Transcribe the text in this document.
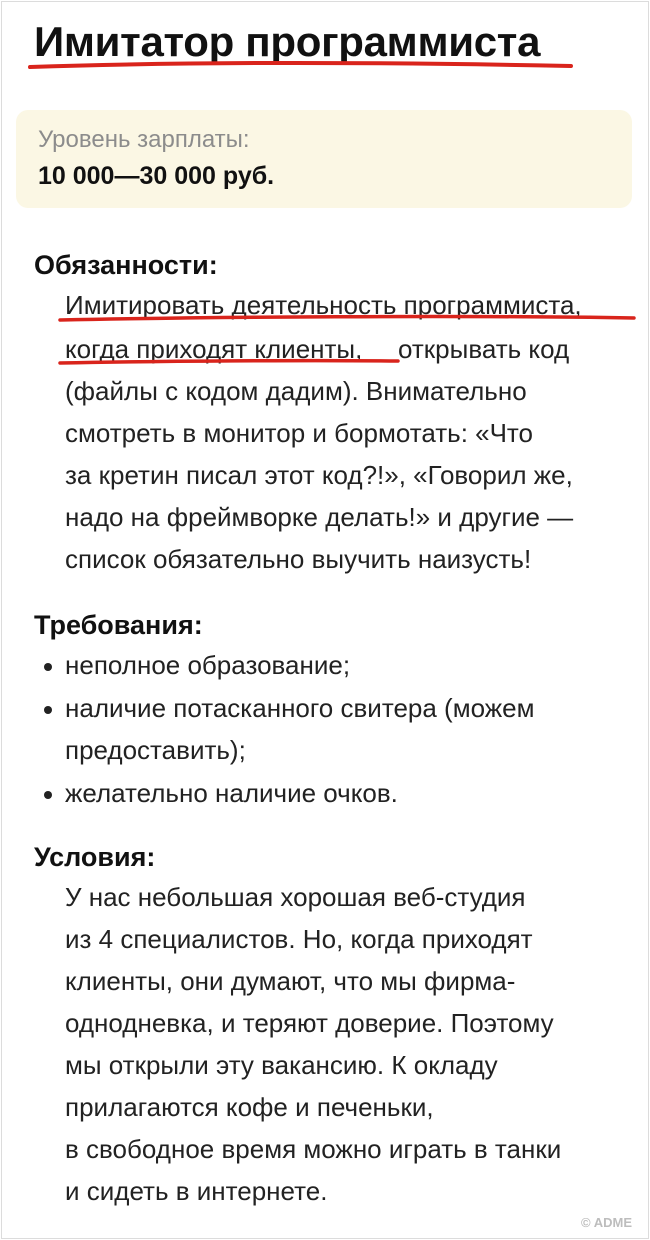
Имитатор программиста
Уровень зарплаты:
10 000—30 000 руб.
Обязанности:
Имитировать деятельность программиста,
когда приходят клиенты, открывать код
(файлы с кодом дадим). Внимательно
смотреть в монитор и бормотать: «Что
за кретин писал этот код?!», «Говорил же,
надо на фреймворке делать!» и другие —
список обязательно выучить наизусть!
Требования:
неполное образование;
наличие потасканного свитера (можем
предоставить);
желательно наличие очков.
Условия:
У нас небольшая хорошая веб-студия
из 4 специалистов. Но, когда приходят
клиенты, они думают, что мы фирма-
однодневка, и теряют доверие. Поэтому
мы открыли эту вакансию. К окладу
прилагаются кофе и печеньки,
в свободное время можно играть в танки
и сидеть в интернете.
© ADME
